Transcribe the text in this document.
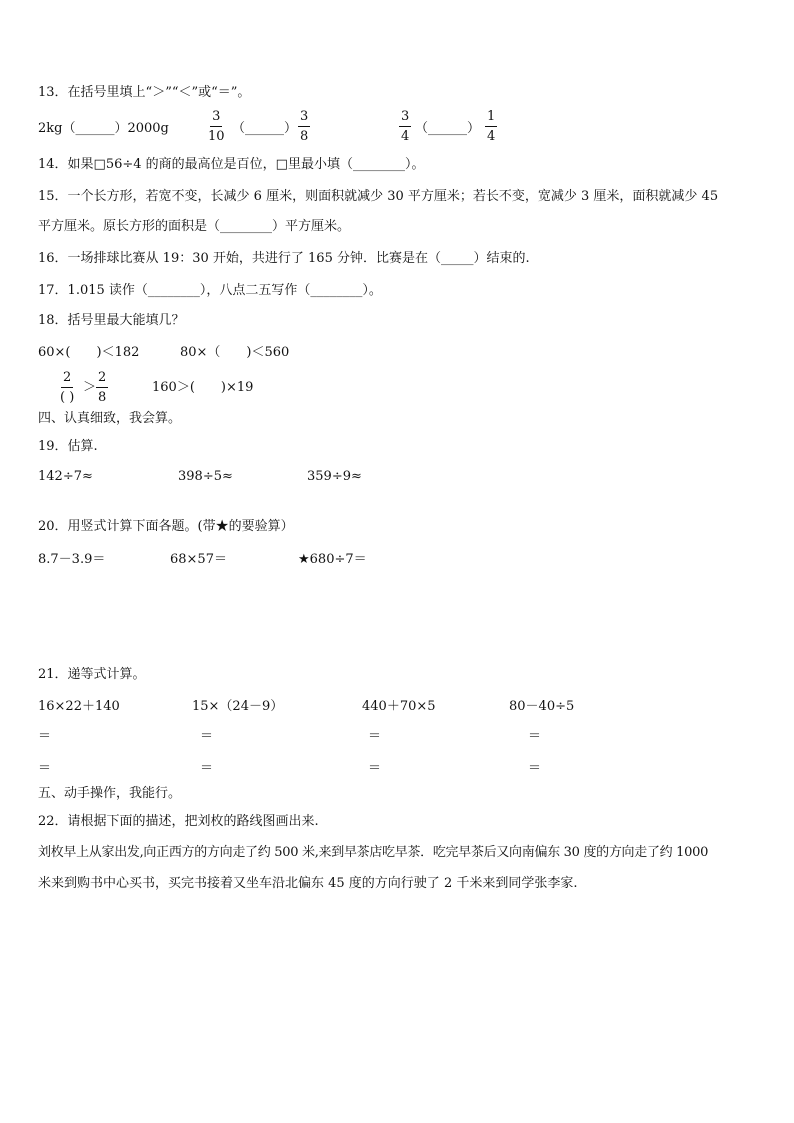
13．在括号里填上“＞”“＜”或“＝”。
2kg（______）2000g	$\frac{3}{10}$ （______） $\frac{3}{8}$	$\frac{3}{4}$ （______） $\frac{1}{4}$
14．如果□56÷4 的商的最高位是百位，□里最小填（________）。
15．一个长方形，若宽不变，长减少 6 厘米，则面积就减少 30 平方厘米；若长不变，宽减少 3 厘米，面积就减少 45
平方厘米。原长方形的面积是（________）平方厘米。
16．一场排球比赛从 19：30 开始，共进行了 165 分钟．比赛是在（_____）结束的.
17．1.015 读作（________），八点二五写作（________）。
18．括号里最大能填几？
60×(　　)＜182	80×（　　)＜560
2
( )
＞ $\frac{2}{8}$	160＞(　　)×19
四、认真细致，我会算。
19．估算.
142÷7≈	398÷5≈	359÷9≈
20．用竖式计算下面各题。(带★的要验算）
8.7－3.9＝	68×57＝	★680÷7＝
21．递等式计算。
16×22＋140	15×（24－9）	440＋70×5	80－40÷5
＝	＝	＝	＝
＝	＝	＝	＝
五、动手操作，我能行。
22．请根据下面的描述，把刘枚的路线图画出来.
刘枚早上从家出发,向正西方的方向走了约 500 米,来到早茶店吃早茶．吃完早茶后又向南偏东 30 度的方向走了约 1000
米来到购书中心买书，买完书接着又坐车沿北偏东 45 度的方向行驶了 2 千米来到同学张李家.
